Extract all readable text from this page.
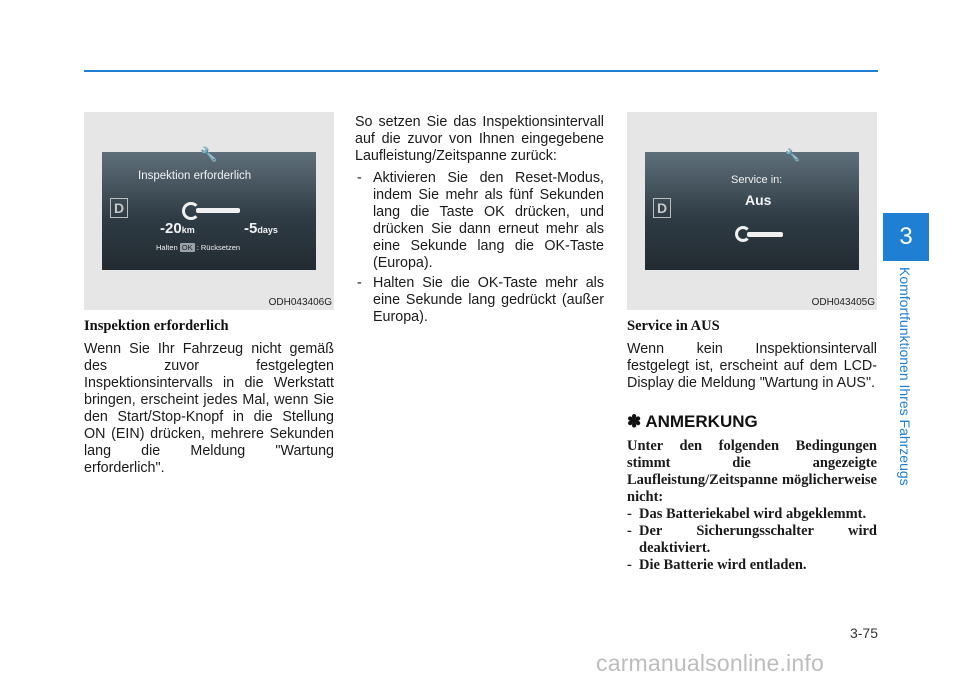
🔧
Inspektion erforderlich
D
-20km	-5days
Halten OK : Rücksetzen
ODH043406G
Inspektion erforderlich

Wenn Sie Ihr Fahrzeug nicht gemäß des zuvor festgelegten Inspektionsintervalls in die Werkstatt bringen, erscheint jedes Mal, wenn Sie den Start/Stop-Knopf in die Stellung ON (EIN) drücken, mehrere Sekunden lang die Meldung "Wartung erforderlich".

So setzen Sie das Inspektionsintervall auf die zuvor von Ihnen eingegebene Laufleistung/Zeitspanne zurück:

- Aktivieren Sie den Reset-Modus, indem Sie mehr als fünf Sekunden lang die Taste OK drücken, und drücken Sie dann erneut mehr als eine Sekunde lang die OK-Taste (Europa).
- Halten Sie die OK-Taste mehr als eine Sekunde lang gedrückt (außer Europa).
🔧
D
Service in:
Aus
ODH043405G
Service in AUS

Wenn kein Inspektionsintervall festgelegt ist, erscheint auf dem LCD-Display die Meldung "Wartung in AUS".

✽ ANMERKUNG
Unter den folgenden Bedingungen stimmt die angezeigte Laufleistung/Zeitspanne möglicherweise nicht:
- Das Batteriekabel wird abgeklemmt.
- Der Sicherungsschalter wird deaktiviert.
- Die Batterie wird entladen.
3
Komfortfunktionen Ihres Fahrzeugs
3-75
carmanualsonline.info
